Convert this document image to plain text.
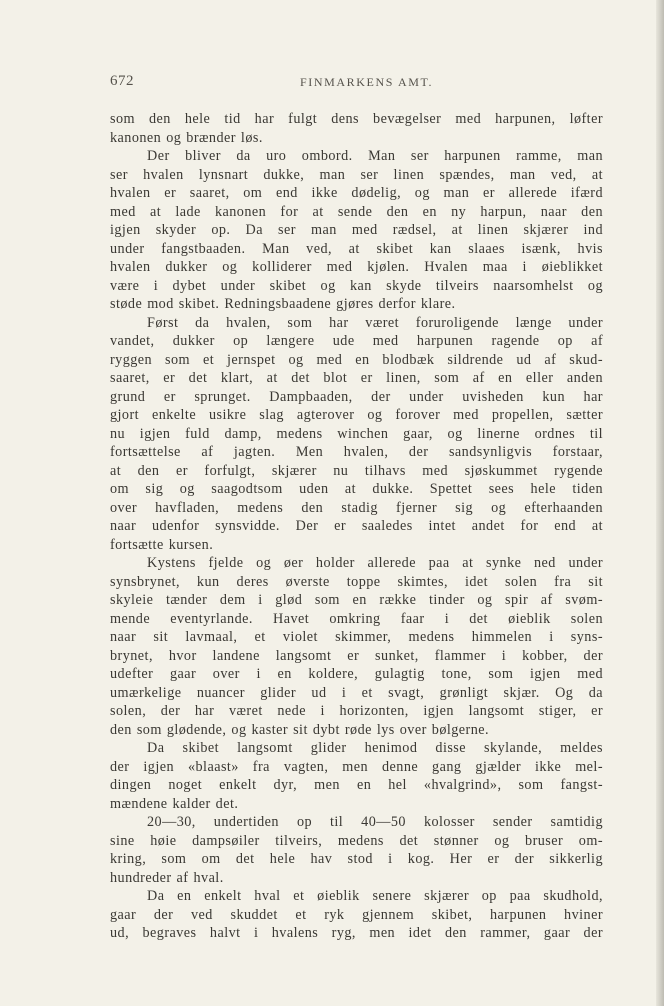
672	FINMARKENS AMT.
som den hele tid har fulgt dens bevægelser med harpunen, løfter
kanonen og brænder løs.
Der bliver da uro ombord. Man ser harpunen ramme, man
ser hvalen lynsnart dukke, man ser linen spændes, man ved, at
hvalen er saaret, om end ikke dødelig, og man er allerede ifærd
med at lade kanonen for at sende den en ny harpun, naar den
igjen skyder op. Da ser man med rædsel, at linen skjærer ind
under fangstbaaden. Man ved, at skibet kan slaaes isænk, hvis
hvalen dukker og kolliderer med kjølen. Hvalen maa i øieblikket
være i dybet under skibet og kan skyde tilveirs naarsomhelst og
støde mod skibet. Redningsbaadene gjøres derfor klare.
Først da hvalen, som har været foruroligende længe under
vandet, dukker op længere ude med harpunen ragende op af
ryggen som et jernspet og med en blodbæk sildrende ud af skud-
saaret, er det klart, at det blot er linen, som af en eller anden
grund er sprunget. Dampbaaden, der under uvisheden kun har
gjort enkelte usikre slag agterover og forover med propellen, sætter
nu igjen fuld damp, medens winchen gaar, og linerne ordnes til
fortsættelse af jagten. Men hvalen, der sandsynligvis forstaar,
at den er forfulgt, skjærer nu tilhavs med sjøskummet rygende
om sig og saagodtsom uden at dukke. Spettet sees hele tiden
over havfladen, medens den stadig fjerner sig og efterhaanden
naar udenfor synsvidde. Der er saaledes intet andet for end at
fortsætte kursen.
Kystens fjelde og øer holder allerede paa at synke ned under
synsbrynet, kun deres øverste toppe skimtes, idet solen fra sit
skyleie tænder dem i glød som en række tinder og spir af svøm-
mende eventyrlande. Havet omkring faar i det øieblik solen
naar sit lavmaal, et violet skimmer, medens himmelen i syns-
brynet, hvor landene langsomt er sunket, flammer i kobber, der
udefter gaar over i en koldere, gulagtig tone, som igjen med
umærkelige nuancer glider ud i et svagt, grønligt skjær. Og da
solen, der har været nede i horizonten, igjen langsomt stiger, er
den som glødende, og kaster sit dybt røde lys over bølgerne.
Da skibet langsomt glider henimod disse skylande, meldes
der igjen «blaast» fra vagten, men denne gang gjælder ikke mel-
dingen noget enkelt dyr, men en hel «hvalgrind», som fangst-
mændene kalder det.
20—30, undertiden op til 40—50 kolosser sender samtidig
sine høie dampsøiler tilveirs, medens det stønner og bruser om-
kring, som om det hele hav stod i kog. Her er der sikkerlig
hundreder af hval.
Da en enkelt hval et øieblik senere skjærer op paa skudhold,
gaar der ved skuddet et ryk gjennem skibet, harpunen hviner
ud, begraves halvt i hvalens ryg, men idet den rammer, gaar der
